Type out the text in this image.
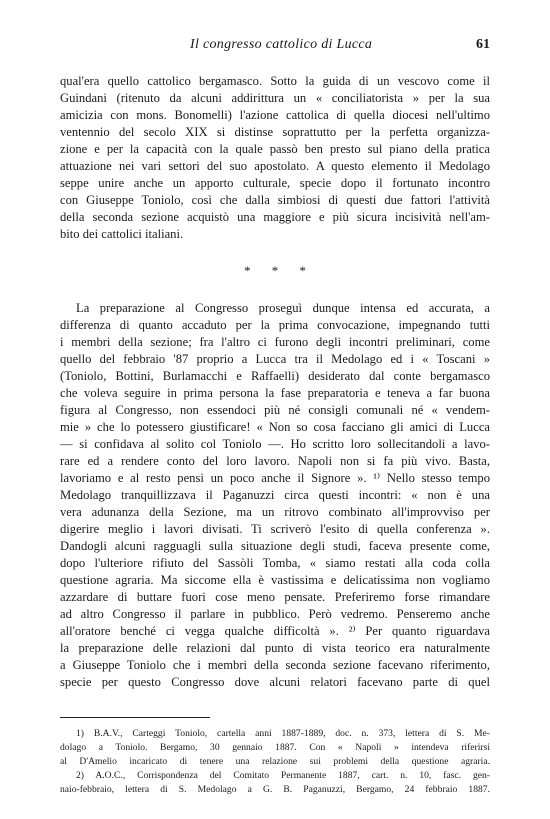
Il congresso cattolico di Lucca	61
qual'era quello cattolico bergamasco. Sotto la guida di un vescovo come il
Guindani (ritenuto da alcuni addirittura un « conciliatorista » per la sua
amicizia con mons. Bonomelli) l'azione cattolica di quella diocesi nell'ultimo
ventennio del secolo XIX si distinse soprattutto per la perfetta organizza-
zione e per la capacità con la quale passò ben presto sul piano della pratica
attuazione nei vari settori del suo apostolato. A questo elemento il Medolago
seppe unire anche un apporto culturale, specie dopo il fortunato incontro
con Giuseppe Toniolo, così che dalla simbiosi di questi due fattori l'attività
della seconda sezione acquistò una maggiore e più sicura incisività nell'am-
bito dei cattolici italiani.
* * *
La preparazione al Congresso proseguì dunque intensa ed accurata, a
differenza di quanto accaduto per la prima convocazione, impegnando tutti
i membri della sezione; fra l'altro ci furono degli incontri preliminari, come
quello del febbraio '87 proprio a Lucca tra il Medolago ed i « Toscani »
(Toniolo, Bottini, Burlamacchi e Raffaelli) desiderato dal conte bergamasco
che voleva seguire in prima persona la fase preparatoria e teneva a far buona
figura al Congresso, non essendoci più né consigli comunali né « vendem-
mie » che lo potessero giustificare! « Non so cosa facciano gli amici di Lucca
— si confidava al solito col Toniolo —. Ho scritto loro sollecitandoli a lavo-
rare ed a rendere conto del loro lavoro. Napoli non si fa più vivo. Basta,
lavoriamo e al resto pensi un poco anche il Signore ». ¹⁾ Nello stesso tempo
Medolago tranquillizzava il Paganuzzi circa questi incontri: « non è una
vera adunanza della Sezione, ma un ritrovo combinato all'improvviso per
digerire meglio i lavori divisati. Ti scriverò l'esito di quella conferenza ».
Dandogli alcuni ragguagli sulla situazione degli studi, faceva presente come,
dopo l'ulteriore rifiuto del Sassòli Tomba, « siamo restati alla coda colla
questione agraria. Ma siccome ella è vastissima e delicatissima non vogliamo
azzardare di buttare fuori cose meno pensate. Preferiremo forse rimandare
ad altro Congresso il parlare in pubblico. Però vedremo. Penseremo anche
all'oratore benché ci vegga qualche difficoltà ». ²⁾ Per quanto riguardava
la preparazione delle relazioni dal punto di vista teorico era naturalmente
a Giuseppe Toniolo che i membri della seconda sezione facevano riferimento,
specie per questo Congresso dove alcuni relatori facevano parte di quel
1) B.A.V., Carteggi Toniolo, cartella anni 1887-1889, doc. n. 373, lettera di S. Me-
dolago a Toniolo. Bergamo, 30 gennaio 1887. Con « Napoli » intendeva riferirsi
al D'Amelio incaricato di tenere una relazione sui problemi della questione agraria.
2) A.O.C., Corrispondenza del Comitato Permanente 1887, cart. n. 10, fasc. gen-
naio-febbraio, lettera di S. Medolago a G. B. Paganuzzi, Bergamo, 24 febbraio 1887.
